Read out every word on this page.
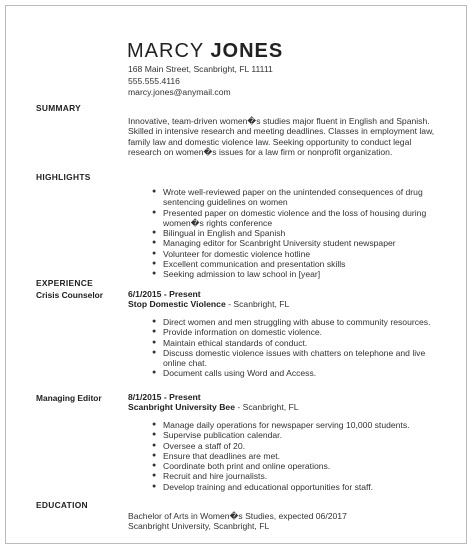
MARCY JONES
168 Main Street, Scanbright, FL 11111
555.555.4116
marcy.jones@anymail.com
SUMMARY
Innovative, team-driven women�s studies major fluent in English and Spanish. Skilled in intensive research and meeting deadlines. Classes in employment law, family law and domestic violence law. Seeking opportunity to conduct legal research on women�s issues for a law firm or nonprofit organization.
HIGHLIGHTS
● Wrote well-reviewed paper on the unintended consequences of drug sentencing guidelines on women
● Presented paper on domestic violence and the loss of housing during women�s rights conference
● Bilingual in English and Spanish
● Managing editor for Scanbright University student newspaper
● Volunteer for domestic violence hotline
● Excellent communication and presentation skills
● Seeking admission to law school in [year]
EXPERIENCE
Crisis Counselor	6/1/2015 - Present
Stop Domestic Violence - Scanbright, FL
● Direct women and men struggling with abuse to community resources.
● Provide information on domestic violence.
● Maintain ethical standards of conduct.
● Discuss domestic violence issues with chatters on telephone and live online chat.
● Document calls using Word and Access.
Managing Editor	8/1/2015 - Present
Scanbright University Bee - Scanbright, FL
● Manage daily operations for newspaper serving 10,000 students.
● Supervise publication calendar.
● Oversee a staff of 20.
● Ensure that deadlines are met.
● Coordinate both print and online operations.
● Recruit and hire journalists.
● Develop training and educational opportunities for staff.
EDUCATION
Bachelor of Arts in Women�s Studies, expected 06/2017
Scanbright University, Scanbright, FL
